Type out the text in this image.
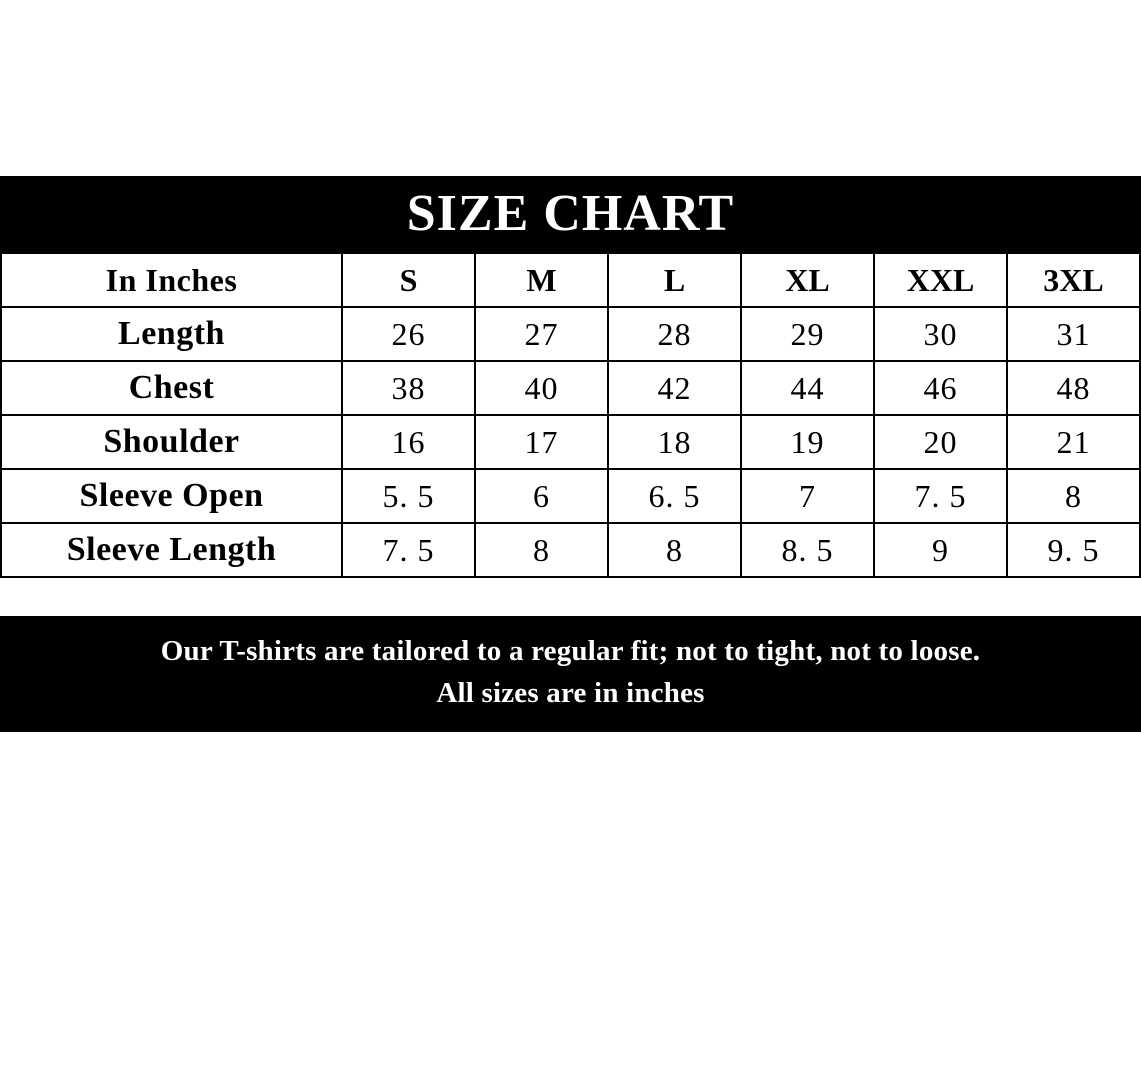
SIZE CHART
In Inches	S	M	L	XL	XXL	3XL
Length	26	27	28	29	30	31
Chest	38	40	42	44	46	48
Shoulder	16	17	18	19	20	21
Sleeve Open	5. 5	6	6. 5	7	7. 5	8
Sleeve Length	7. 5	8	8	8. 5	9	9. 5
Our T-shirts are tailored to a regular fit; not to tight, not to loose.
All sizes are in inches
